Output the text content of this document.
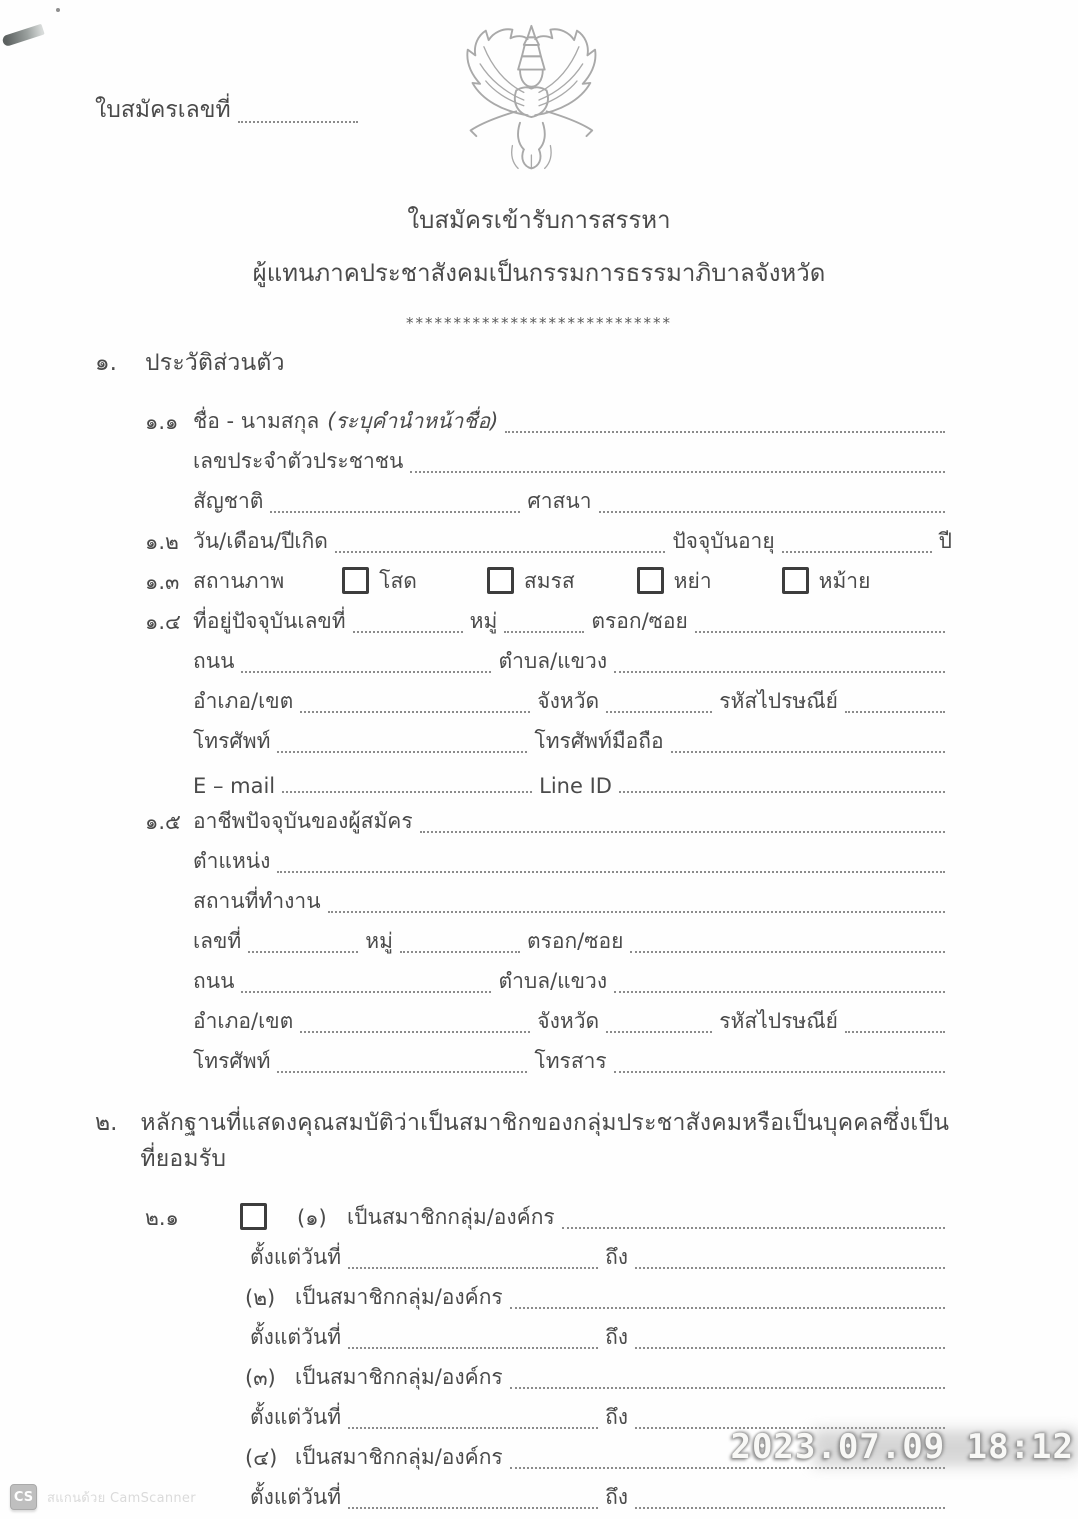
ใบสมัครเลขที่
ใบสมัครเข้ารับการสรรหา
ผู้แทนภาคประชาสังคมเป็นกรรมการธรรมาภิบาลจังหวัด
****************************
๑.	ประวัติส่วนตัว
๑.๑ ชื่อ - นามสกุล (ระบุคำนำหน้าชื่อ)
เลขประจำตัวประชาชน
สัญชาติ	ศาสนา
๑.๒ วัน/เดือน/ปีเกิด	ปัจจุบันอายุ	ปี
๑.๓ สถานภาพ	โสด	สมรส	หย่า	หม้าย
๑.๔ ที่อยู่ปัจจุบันเลขที่	หมู่	ตรอก/ซอย
ถนน	ตำบล/แขวง
อำเภอ/เขต	จังหวัด	รหัสไปรษณีย์
โทรศัพท์	โทรศัพท์มือถือ
E – mail	Line ID
๑.๕ อาชีพปัจจุบันของผู้สมัคร
ตำแหน่ง
สถานที่ทำงาน
เลขที่	หมู่	ตรอก/ซอย
ถนน	ตำบล/แขวง
อำเภอ/เขต	จังหวัด	รหัสไปรษณีย์
โทรศัพท์	โทรสาร
๒. หลักฐานที่แสดงคุณสมบัติว่าเป็นสมาชิกของกลุ่มประชาสังคมหรือเป็นบุคคลซึ่งเป็นที่ยอมรับ
๒.๑	(๑) เป็นสมาชิกกลุ่ม/องค์กร
ตั้งแต่วันที่	ถึง
(๒) เป็นสมาชิกกลุ่ม/องค์กร
ตั้งแต่วันที่	ถึง
(๓) เป็นสมาชิกกลุ่ม/องค์กร
ตั้งแต่วันที่	ถึง
(๔) เป็นสมาชิกกลุ่ม/องค์กร
ตั้งแต่วันที่	ถึง
2023.07.09 18:12
CS	สแกนด้วย CamScanner
